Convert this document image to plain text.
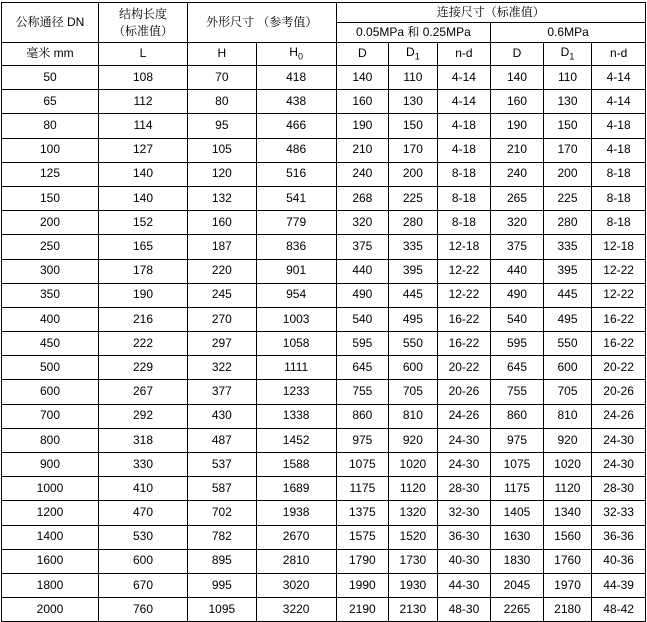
公称通径 DN	结构长度
（标准值）	外形尺寸 （参考值）		连接尺寸（标准值）					
				0.05MPa 和 0.25MPa			0.6MPa		
毫米 mm	L	H	$H_0$	D	$D_1$	n-d	D	$D_1$	n-d
50	108	70	418	140	110	4-14	140	110	4-14
65	112	80	438	160	130	4-14	160	130	4-14
80	114	95	466	190	150	4-18	190	150	4-18
100	127	105	486	210	170	4-18	210	170	4-18
125	140	120	516	240	200	8-18	240	200	8-18
150	140	132	541	268	225	8-18	265	225	8-18
200	152	160	779	320	280	8-18	320	280	8-18
250	165	187	836	375	335	12-18	375	335	12-18
300	178	220	901	440	395	12-22	440	395	12-22
350	190	245	954	490	445	12-22	490	445	12-22
400	216	270	1003	540	495	16-22	540	495	16-22
450	222	297	1058	595	550	16-22	595	550	16-22
500	229	322	1111	645	600	20-22	645	600	20-22
600	267	377	1233	755	705	20-26	755	705	20-26
700	292	430	1338	860	810	24-26	860	810	24-26
800	318	487	1452	975	920	24-30	975	920	24-30
900	330	537	1588	1075	1020	24-30	1075	1020	24-30
1000	410	587	1689	1175	1120	28-30	1175	1120	28-30
1200	470	702	1938	1375	1320	32-30	1405	1340	32-33
1400	530	782	2670	1575	1520	36-30	1630	1560	36-36
1600	600	895	2810	1790	1730	40-30	1830	1760	40-36
1800	670	995	3020	1990	1930	44-30	2045	1970	44-39
2000	760	1095	3220	2190	2130	48-30	2265	2180	48-42
